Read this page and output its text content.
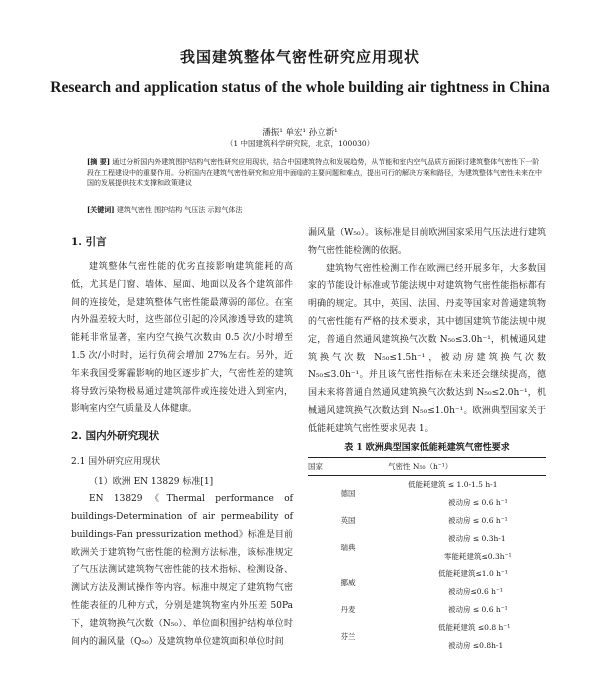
我国建筑整体气密性研究应用现状
Research and application status of the whole building air tightness in China
潘振¹ 单宏¹ 孙立新¹
（1 中国建筑科学研究院，北京，100030）
[摘 要] 通过分析国内外建筑围护结构气密性研究应用现状，结合中国建筑特点和发展趋势，从节能和室内空气品质方面探讨建筑整体气密性下一阶段在工程建设中的重要作用。分析国内在建筑气密性研究和应用中面临的主要问题和难点，提出可行的解决方案和路径，为建筑整体气密性未来在中国的发展提供技术支撑和政策建议
[关键词] 建筑气密性 围护结构 气压法 示踪气体法
1. 引言
建筑整体气密性能的优劣直接影响建筑能耗的高低，尤其是门窗、墙体、屋面、地面以及各个建筑部件间的连接处，是建筑整体气密性能最薄弱的部位。在室内外温差较大时，这些部位引起的冷风渗透导致的建筑能耗非常显著，室内空气换气次数由 0.5 次/小时增至 1.5 次/小时时，运行负荷会增加 27%左右。另外，近年来我国受雾霾影响的地区逐步扩大，气密性差的建筑将导致污染物极易通过建筑部件或连接处进入到室内，影响室内空气质量及人体健康。
2. 国内外研究现状
2.1 国外研究应用现状
（1）欧洲 EN 13829 标准[1]
EN 13829《Thermal performance of buildings-Determination of air permeability of buildings-Fan pressurization method》标准是目前欧洲关于建筑物气密性能的检测方法标准，该标准规定了气压法测试建筑物气密性能的技术指标、检测设备、测试方法及测试操作等内容。标准中规定了建筑物气密性能表征的几种方式，分别是建筑物室内外压差 50Pa 下，建筑物换气次数（N₅₀）、单位面积围护结构单位时间内的漏风量（Q₅₀）及建筑物单位建筑面积单位时间
漏风量（W₅₀）。该标准是目前欧洲国家采用气压法进行建筑物气密性能检测的依据。
建筑物气密性检测工作在欧洲已经开展多年，大多数国家的节能设计标准或节能法规中对建筑物气密性能指标都有明确的规定。其中，英国、法国、丹麦等国家对普通建筑物的气密性能有严格的技术要求，其中德国建筑节能法规中规定，普通自然通风建筑换气次数 N₅₀≤3.0h⁻¹，机械通风建筑换气次数 N₅₀≤1.5h⁻¹，被动房建筑换气次数 N₅₀≤3.0h⁻¹。并且该气密性指标在未来还会继续提高，德国未来将普通自然通风建筑换气次数达到 N₅₀≤2.0h⁻¹，机械通风建筑换气次数达到 N₅₀≤1.0h⁻¹。欧洲典型国家关于低能耗建筑气密性要求见表 1。
表 1 欧洲典型国家低能耗建筑气密性要求
国家	气密性 N₅₀（h⁻¹）
德国	低能耗建筑 ≤ 1.0-1.5 h-1
	被动房 ≤ 0.6 h⁻¹
英国	被动房 ≤ 0.6 h⁻¹
瑞典	被动房 ≤ 0.3h-1
	零能耗建筑≤0.3h⁻¹
挪威	低能耗建筑≤1.0 h⁻¹
	被动房≤0.6 h⁻¹
丹麦	被动房 ≤ 0.6 h⁻¹
芬兰	低能耗建筑 ≤0.8 h⁻¹
	被动房 ≤0.8h-1
